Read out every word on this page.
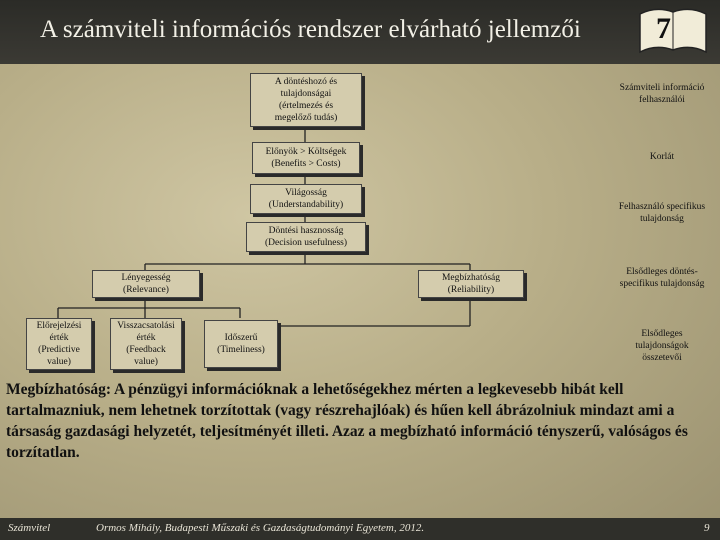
A számviteli információs rendszer elvárható jellemzői	7
A döntéshozó és
tulajdonságai
(értelmezés és
megelőző tudás)
Előnyök > Költségek
(Benefits > Costs)
Világosság
(Understandability)
Döntési hasznosság
(Decision usefulness)
Lényegesség
(Relevance)
Megbízhatóság
(Reliability)
Előrejelzési
érték
(Predictive
value)
Visszacsatolási
érték
(Feedback
value)
Időszerű
(Timeliness)
Számviteli információ
felhasználói
Korlát
Felhasználó specifikus
tulajdonság
Elsődleges döntés-
specifikus tulajdonság
Elsődleges
tulajdonságok
összetevői
Megbízhatóság: A pénzügyi információknak a lehetőségekhez mérten a legkevesebb hibát kell tartalmazniuk, nem lehetnek torzítottak (vagy részrehajlóak) és hűen kell ábrázolniuk mindazt ami a társaság gazdasági helyzetét, teljesítményét illeti. Azaz a megbízható információ tényszerű, valóságos és torzítatlan.
Számvitel	Ormos Mihály, Budapesti Műszaki és Gazdaságtudományi Egyetem, 2012.	9
